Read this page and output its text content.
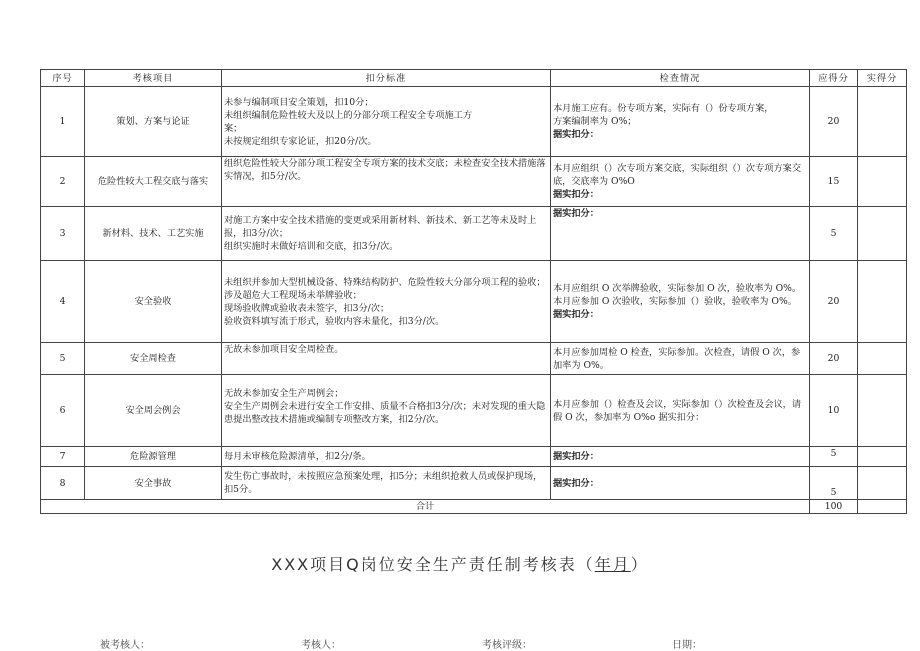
序号	考核项目	扣分标准	检查情况	应得分	实得分
1	策划、方案与论证	未参与编制项目安全策划，扣10分；
未组织编制危险性较大及以上的分部分项工程安全专项施工方
案；
未按规定组织专家论证，扣20分/次。	本月施工应有。份专项方案，实际有（）份专项方案，
方案编制率为 O%；
据实扣分：	20	
2	危险性较大工程交底与落实	组织危险性较大分部分项工程安全专项方案的技术交底；未检查安全技术措施落实情况，扣5分/次。	本月应组织（）次专项方案交底，实际组织（）次专项方案交底，交底率为 O%O
据实扣分：	15	
3	新材料、技术、工艺实施	对施工方案中安全技术措施的变更或采用新材料、新技术、新工艺等未及时上报，扣3分/次；
组织实施时未做好培训和交底，扣3分/次。	据实扣分：	5	
4	安全验收	未组织并参加大型机械设备、特殊结构防护、危险性较大分部分项工程的验收；
涉及超危大工程现场未举牌验收；
现场验收牌或验收表未签字，扣3分/次；
验收资料填写流于形式，验收内容未量化，扣3分/次。	本月应组织 O 次举牌验收，实际参加 O 次，验收率为 O%。
本月应参加 O 次验收，实际参加（）验收，验收率为 O%。
据实扣分：	20	
5	安全周检查	无故未参加项目安全周检查。	本月应参加周检 O 检查，实际参加。次检查，请假 O 次，参加率为 O%。	20	
6	安全周会例会	无故未参加安全生产周例会；
安全生产周例会未进行安全工作安排、质量不合格扣3分/次；未对发现的重大隐患提出整改技术措施或编制专项整改方案，扣2分/次。	本月应参加（）检查及会议，实际参加（）次检查及会议，请假 O 次，参加率为 O%o 据实扣分：	10	
7	危险源管理	每月未审核危险源清单，扣2分/条。	据实扣分：	5	
8	安全事故	发生伤亡事故时，未按照应急预案处理，扣5分；未组织抢救人员或保护现场，扣5分。	据实扣分：	5	
合计				100	
XXX项目Q岗位安全生产责任制考核表（年月）
被考核人：	考核人：	考核评级：	日期：
